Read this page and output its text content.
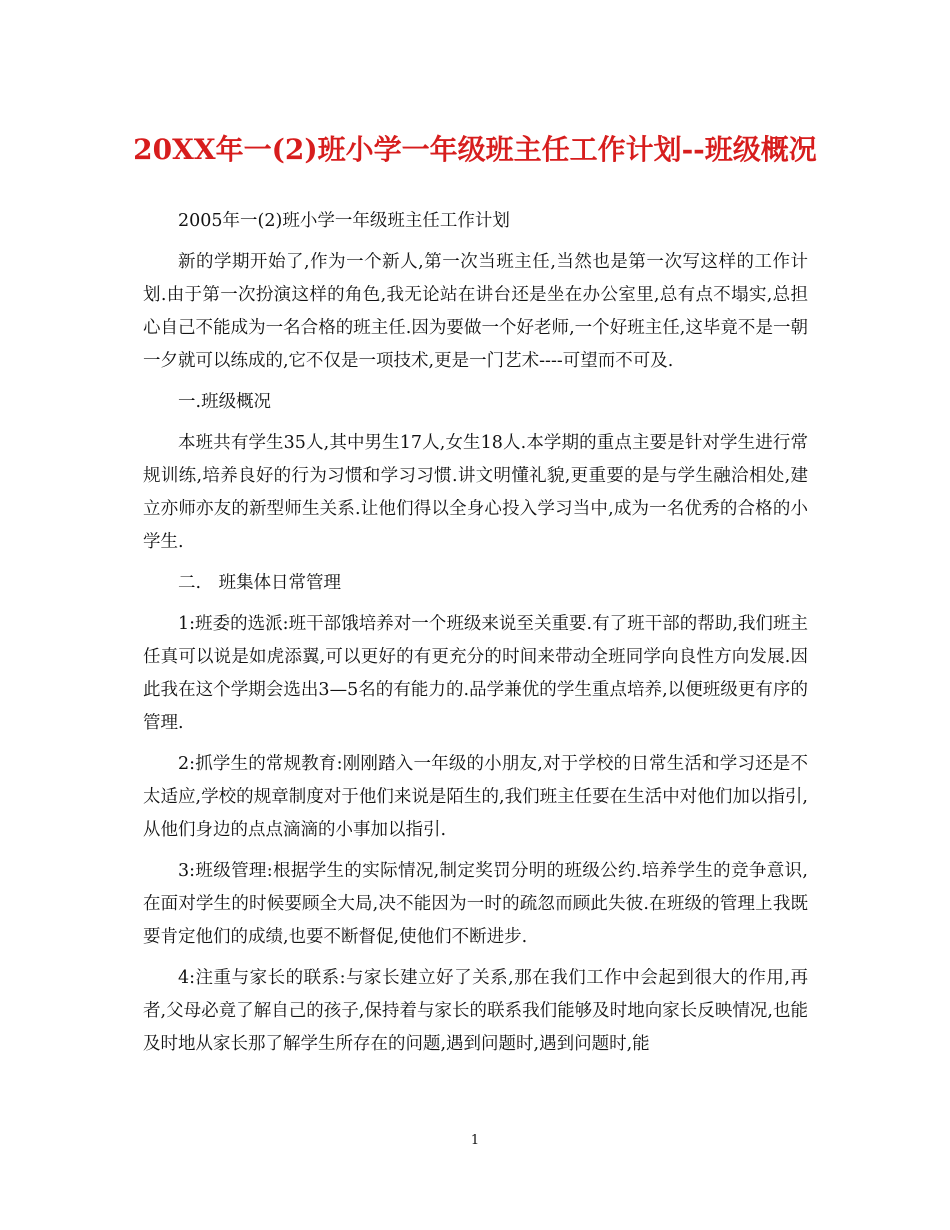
20XX年一(2)班小学一年级班主任工作计划--班级概况

2005年一(2)班小学一年级班主任工作计划

新的学期开始了,作为一个新人,第一次当班主任,当然也是第一次写这样的工作计划.由于第一次扮演这样的角色,我无论站在讲台还是坐在办公室里,总有点不塌实,总担心自己不能成为一名合格的班主任.因为要做一个好老师,一个好班主任,这毕竟不是一朝一夕就可以练成的,它不仅是一项技术,更是一门艺术----可望而不可及.

一.班级概况

本班共有学生35人,其中男生17人,女生18人.本学期的重点主要是针对学生进行常规训练,培养良好的行为习惯和学习习惯.讲文明懂礼貌,更重要的是与学生融洽相处,建立亦师亦友的新型师生关系.让他们得以全身心投入学习当中,成为一名优秀的合格的小学生.

二.　班集体日常管理

1:班委的选派:班干部饿培养对一个班级来说至关重要.有了班干部的帮助,我们班主任真可以说是如虎添翼,可以更好的有更充分的时间来带动全班同学向良性方向发展.因此我在这个学期会选出3—5名的有能力的.品学兼优的学生重点培养,以便班级更有序的管理.

2:抓学生的常规教育:刚刚踏入一年级的小朋友,对于学校的日常生活和学习还是不太适应,学校的规章制度对于他们来说是陌生的,我们班主任要在生活中对他们加以指引,从他们身边的点点滴滴的小事加以指引.

3:班级管理:根据学生的实际情况,制定奖罚分明的班级公约.培养学生的竞争意识,在面对学生的时候要顾全大局,决不能因为一时的疏忽而顾此失彼.在班级的管理上我既要肯定他们的成绩,也要不断督促,使他们不断进步.

4:注重与家长的联系:与家长建立好了关系,那在我们工作中会起到很大的作用,再者,父母必竟了解自己的孩子,保持着与家长的联系我们能够及时地向家长反映情况,也能及时地从家长那了解学生所存在的问题,遇到问题时,遇到问题时,能

1
